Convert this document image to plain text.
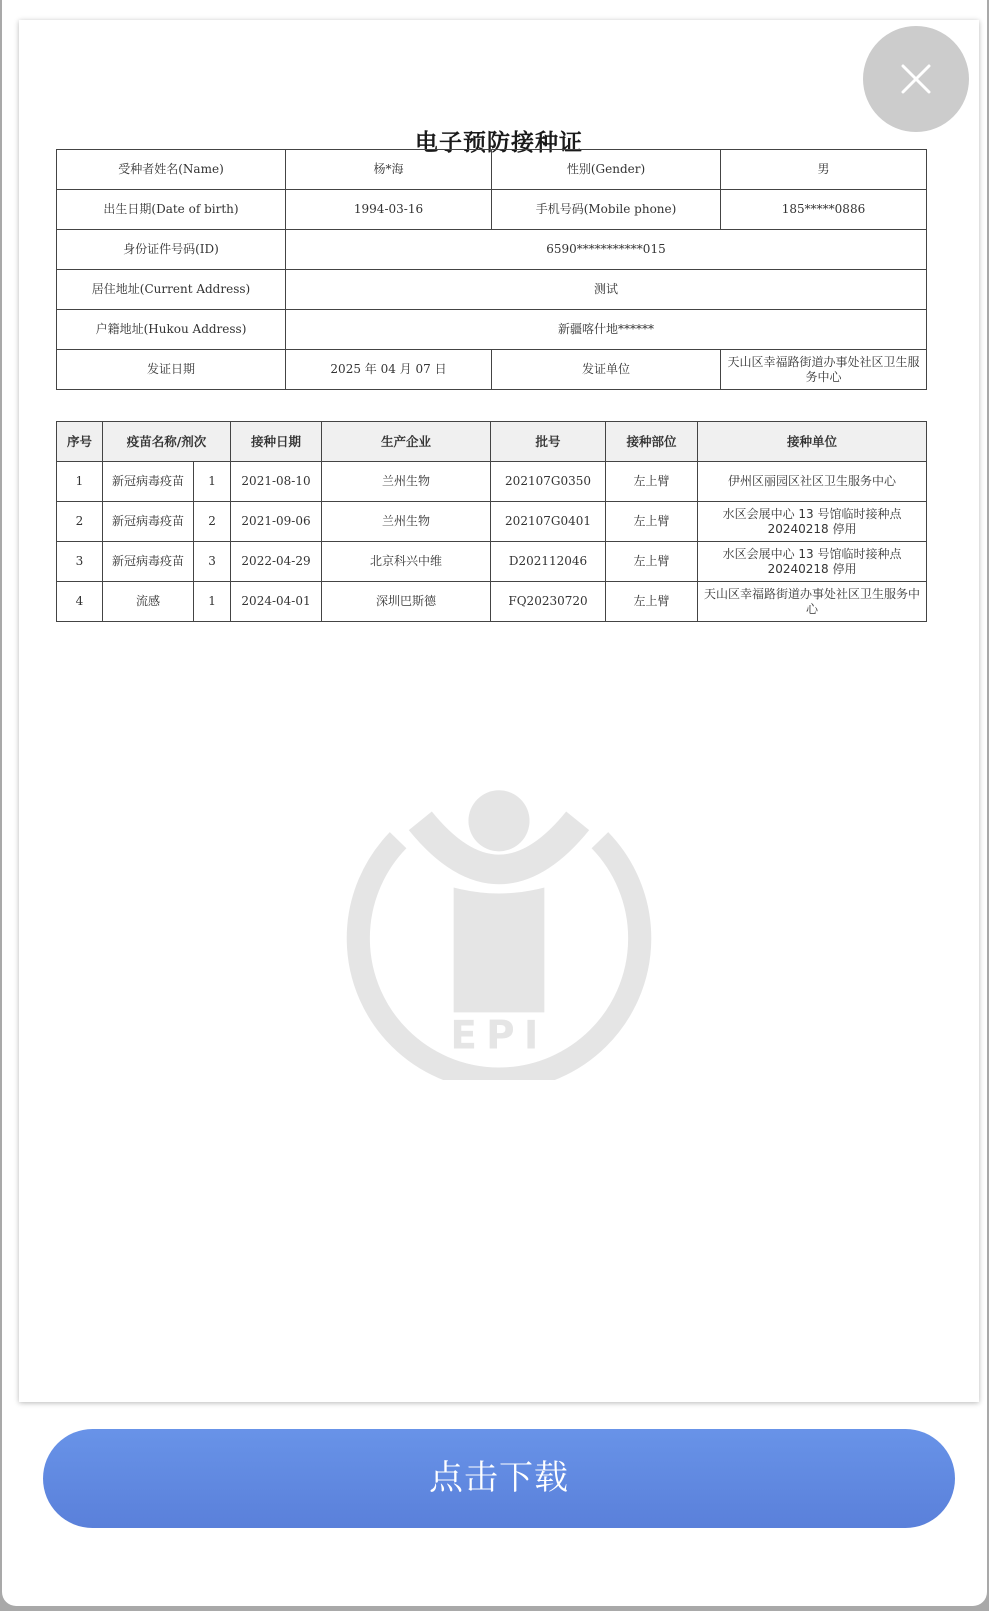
电子预防接种证
受种者姓名(Name)	杨*海	性别(Gender)	男
出生日期(Date of birth)	1994-03-16	手机号码(Mobile phone)	185*****0886
身份证件号码(ID)	6590***********015		
居住地址(Current Address)	测试		
户籍地址(Hukou Address)	新疆喀什地******		
发证日期	2025 年 04 月 07 日	发证单位	天山区幸福路街道办事处社区卫生服务中心
序号	疫苗名称/剂次		接种日期	生产企业	批号	接种部位	接种单位
1	新冠病毒疫苗	1	2021-08-10	兰州生物	202107G0350	左上臂	伊州区丽园区社区卫生服务中心
2	新冠病毒疫苗	2	2021-09-06	兰州生物	202107G0401	左上臂	水区会展中心 13 号馆临时接种点 20240218 停用
3	新冠病毒疫苗	3	2022-04-29	北京科兴中维	D202112046	左上臂	水区会展中心 13 号馆临时接种点 20240218 停用
4	流感	1	2024-04-01	深圳巴斯德	FQ20230720	左上臂	天山区幸福路街道办事处社区卫生服务中心
EPI
点击下载
